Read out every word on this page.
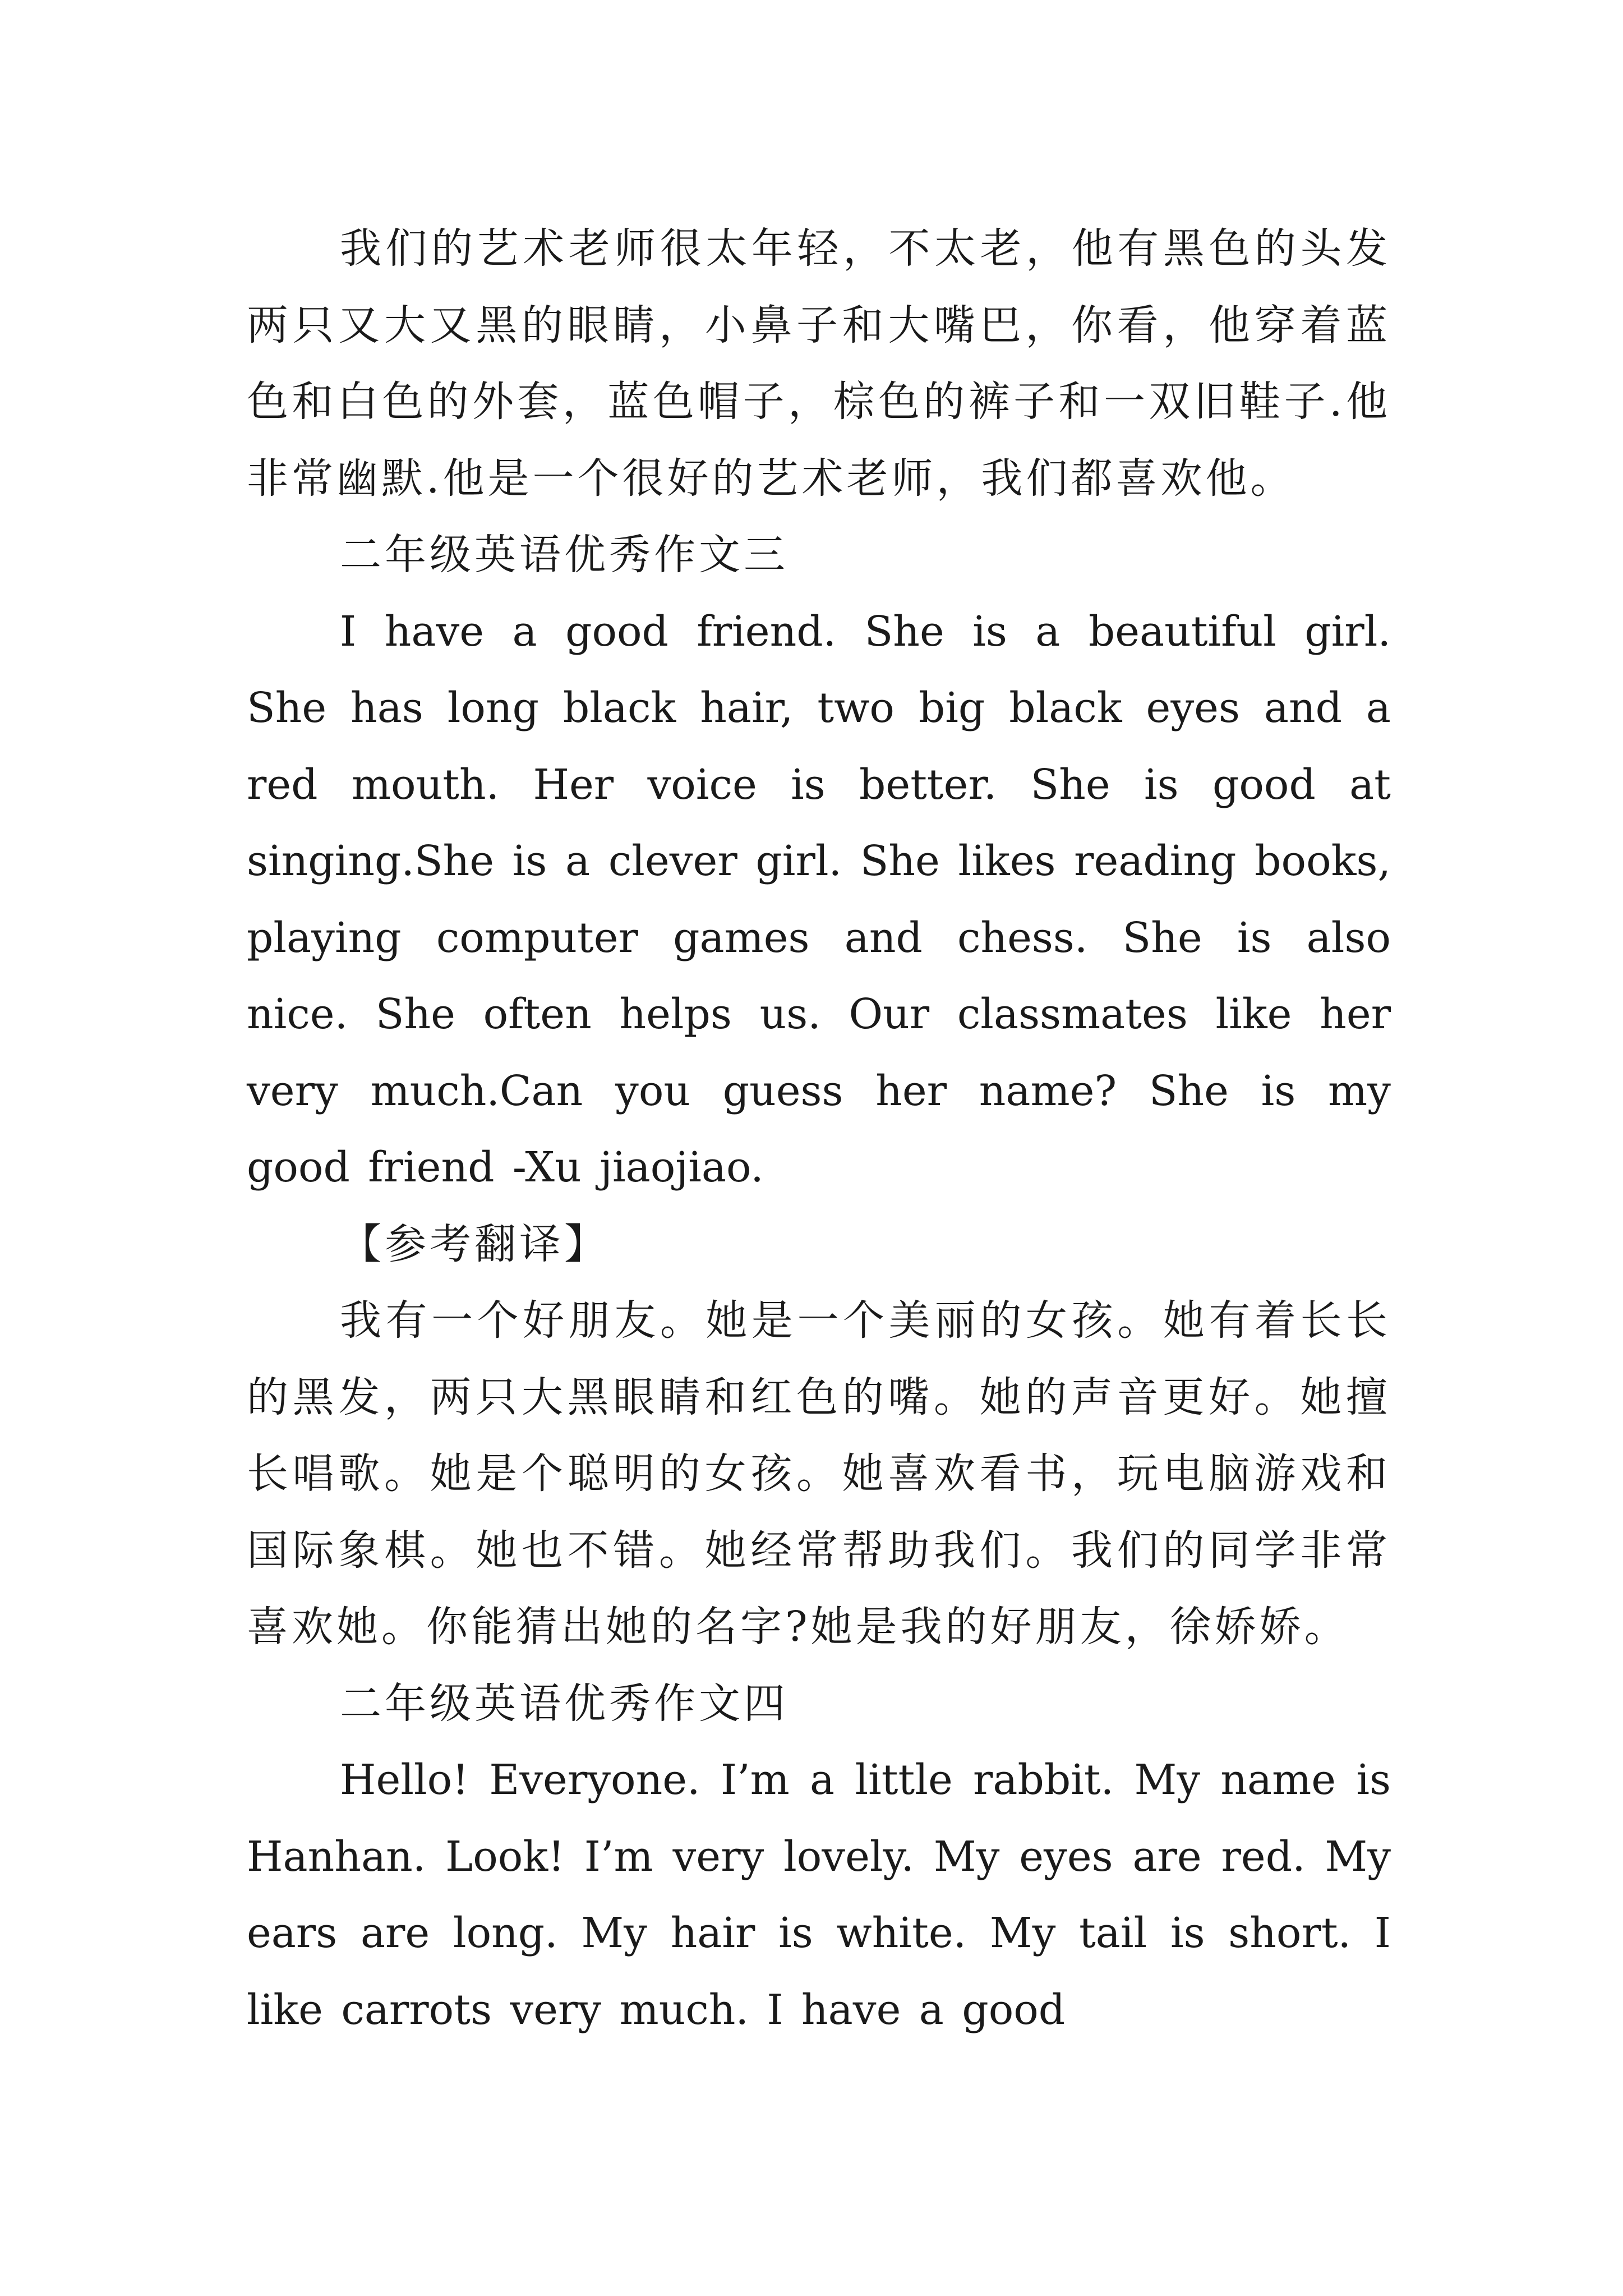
我们的艺术老师很太年轻，不太老，他有黑色的头发两只又大又黑的眼睛，小鼻子和大嘴巴，你看，他穿着蓝色和白色的外套，蓝色帽子，棕色的裤子和一双旧鞋子.他非常幽默.他是一个很好的艺术老师，我们都喜欢他。

二年级英语优秀作文三

I have a good friend. She is a beautiful girl. She has long black hair, two big black eyes and a red mouth. Her voice is better. She is good at singing.She is a clever girl. She likes reading books, playing computer games and chess. She is also nice. She often helps us. Our classmates like her very much.Can you guess her name? She is my good friend -Xu jiaojiao.

【参考翻译】

我有一个好朋友。她是一个美丽的女孩。她有着长长的黑发，两只大黑眼睛和红色的嘴。她的声音更好。她擅长唱歌。她是个聪明的女孩。她喜欢看书，玩电脑游戏和国际象棋。她也不错。她经常帮助我们。我们的同学非常喜欢她。你能猜出她的名字?她是我的好朋友，徐娇娇。

二年级英语优秀作文四

Hello! Everyone. I’m a little rabbit. My name is Hanhan. Look! I’m very lovely. My eyes are red. My ears are long. My hair is white. My tail is short. I like carrots very much. I have a good
